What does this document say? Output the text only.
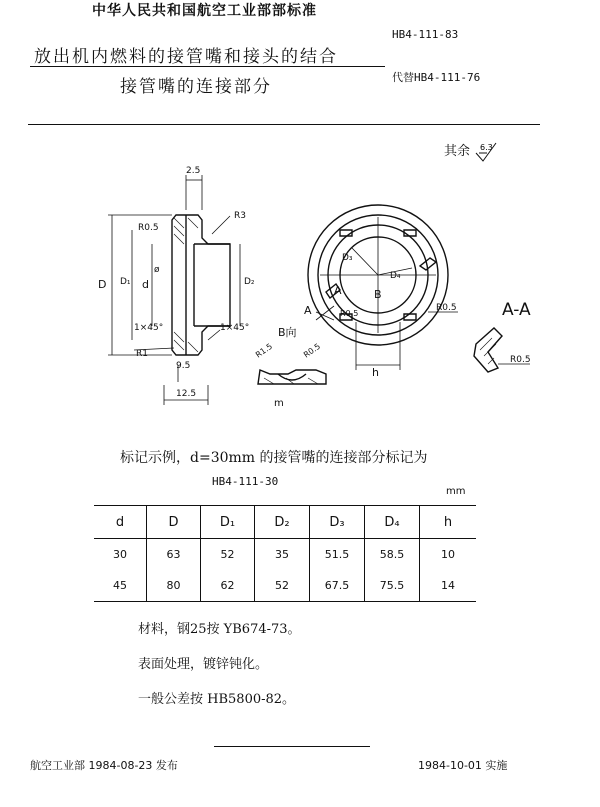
中华人民共和国航空工业部部标准
HB4-111-83
放出机内燃料的接管嘴和接头的结合
接管嘴的连接部分	代替HB4-111-76
其余 6.3
2.5
R0.5
R3
D D₁ d
ø
D₂
1×45°	1×45°
R1
B向
9.5
12.5
D₃
D₄
A
A	B
R0.5
R0.5
h
R1.5	R0.5
m
R0.5
A-A
标记示例，d=30mm 的接管嘴的连接部分标记为
HB4-111-30
mm
d	D	D₁	D₂	D₃	D₄	h
30	63	52	35	51.5	58.5	10
45	80	62	52	67.5	75.5	14
材料，钢25按 YB674-73。
表面处理，镀锌钝化。
一般公差按 HB5800-82。
航空工业部 1984-08-23 发布	1984-10-01 实施
